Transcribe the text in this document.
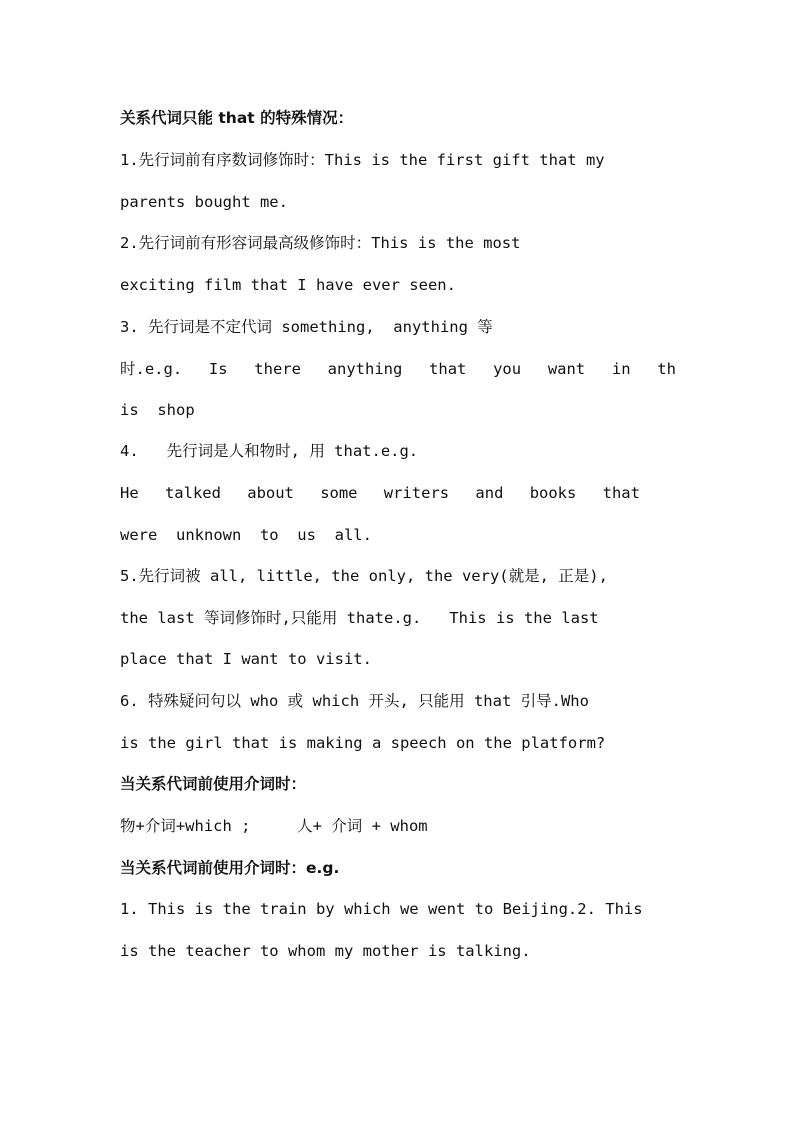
关系代词只能 that 的特殊情况：
1.先行词前有序数词修饰时：This is the first gift that my
parents bought me.
2.先行词前有形容词最高级修饰时：This is the most
exciting film that I have ever seen.
3. 先行词是不定代词 something,  anything 等
时.e.g. Is there anything that you want in th
is  shop
4.   先行词是人和物时, 用 that.e.g.
He talked about some writers and books that
were  unknown  to  us  all.
5.先行词被 all, little, the only, the very(就是, 正是),
the last 等词修饰时,只能用 thate.g.   This is the last
place that I want to visit.
6. 特殊疑问句以 who 或 which 开头, 只能用 that 引导.Who
is the girl that is making a speech on the platform?
当关系代词前使用介词时：
物+介词+which ;     人+ 介词 + whom
当关系代词前使用介词时：e.g.
1. This is the train by which we went to Beijing.2. This
is the teacher to whom my mother is talking.
